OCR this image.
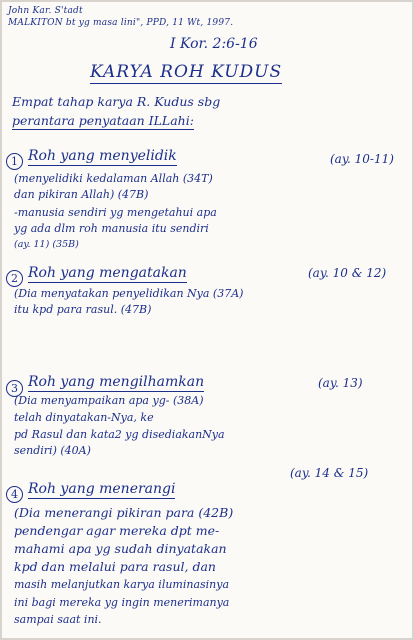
John Kar. S'tadt
MALKITON bt yg masa lini", PPD, 11 Wt, 1997.
I Kor. 2:6-16
KARYA ROH KUDUS
Empat tahap karya R. Kudus sbg
perantara penyataan ILLahi:
1 Roh yang menyelidik	(ay. 10-11)
(menyelidiki kedalaman Allah (34T)
dan pikiran Allah) (47B)
-manusia sendiri yg mengetahui apa
yg ada dlm roh manusia itu sendiri
(ay. 11) (35B)
2 Roh yang mengatakan	(ay. 10 & 12)
(Dia menyatakan penyelidikan Nya (37A)
itu kpd para rasul. (47B)
3 Roh yang mengilhamkan	(ay. 13)
(Dia menyampaikan apa yg- (38A)
telah dinyatakan-Nya, ke
pd Rasul dan kata2 yg disediakanNya
sendiri) (40A)
4 Roh yang menerangi
(ay. 14 & 15)
(Dia menerangi pikiran para (42B)
pendengar agar mereka dpt me-
mahami apa yg sudah dinyatakan
kpd dan melalui para rasul, dan
masih melanjutkan karya iluminasinya
ini bagi mereka yg ingin menerimanya
sampai saat ini.
